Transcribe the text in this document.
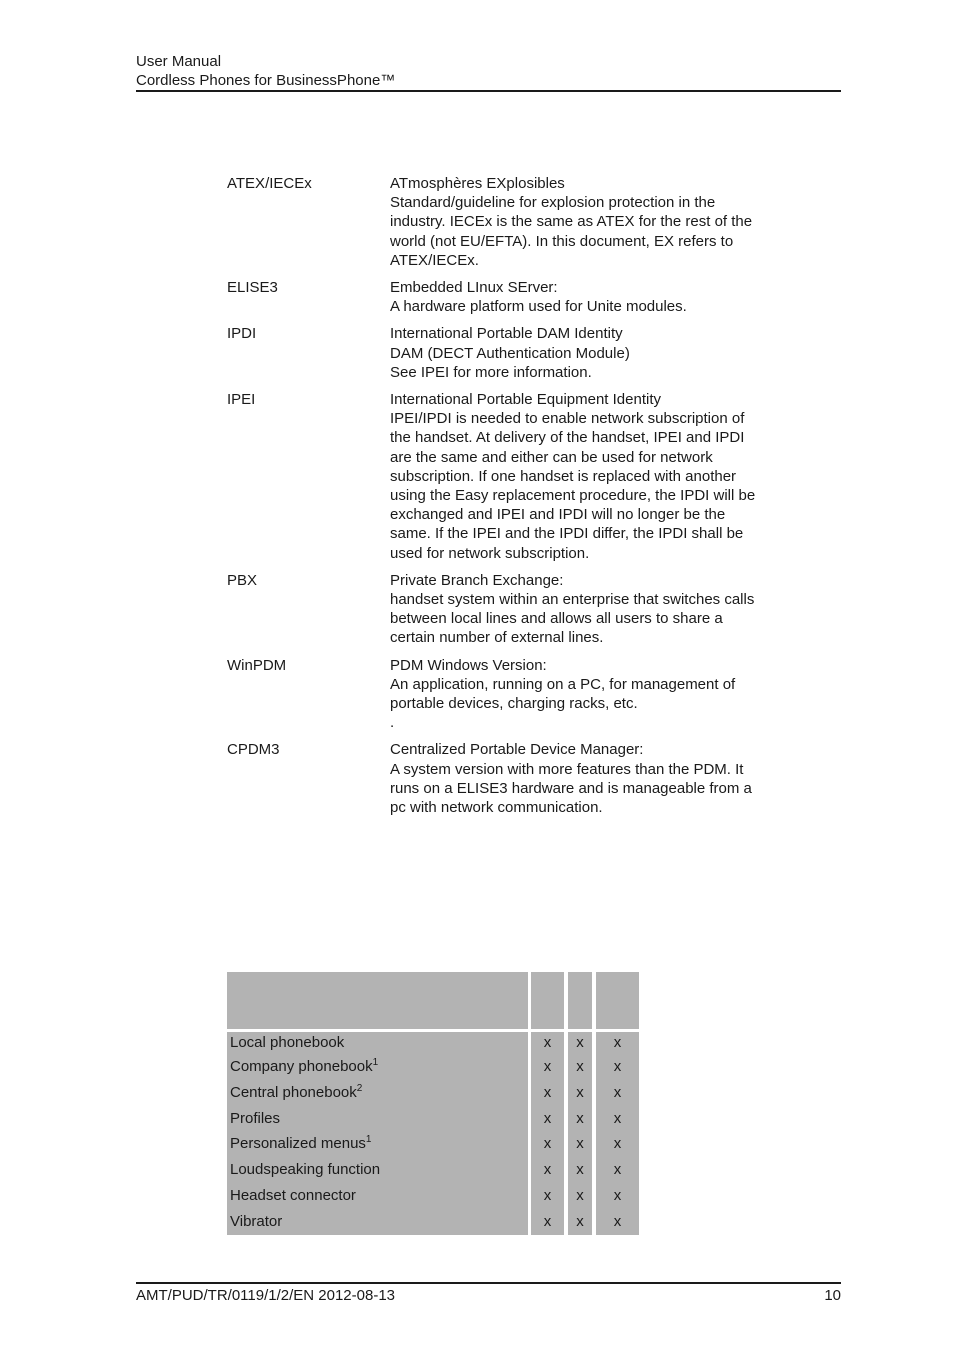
User Manual
Cordless Phones for BusinessPhone™
ATEX/IECEx	ATmosphères EXplosibles
Standard/guideline for explosion protection in the
industry. IECEx is the same as ATEX for the rest of the
world (not EU/EFTA). In this document, EX refers to
ATEX/IECEx.
ELISE3	Embedded LInux SErver:
A hardware platform used for Unite modules.
IPDI	International Portable DAM Identity
DAM (DECT Authentication Module)
See IPEI for more information.
IPEI	International Portable Equipment Identity
IPEI/IPDI is needed to enable network subscription of
the handset. At delivery of the handset, IPEI and IPDI
are the same and either can be used for network
subscription. If one handset is replaced with another
using the Easy replacement procedure, the IPDI will be
exchanged and IPEI and IPDI will no longer be the
same. If the IPEI and the IPDI differ, the IPDI shall be
used for network subscription.
PBX	Private Branch Exchange:
handset system within an enterprise that switches calls
between local lines and allows all users to share a
certain number of external lines.
WinPDM	PDM Windows Version:
An application, running on a PC, for management of
portable devices, charging racks, etc.
.
CPDM3	Centralized Portable Device Manager:
A system version with more features than the PDM. It
runs on a ELISE3 hardware and is manageable from a
pc with network communication.

Local phonebook		x		x		x
Company phonebook$^1$		x		x		x
Central phonebook$^2$		x		x		x
Profiles		x		x		x
Personalized menus$^1$		x		x		x
Loudspeaking function		x		x		x
Headset connector		x		x		x
Vibrator		x		x		x
AMT/PUD/TR/0119/1/2/EN 2012-08-13	10
